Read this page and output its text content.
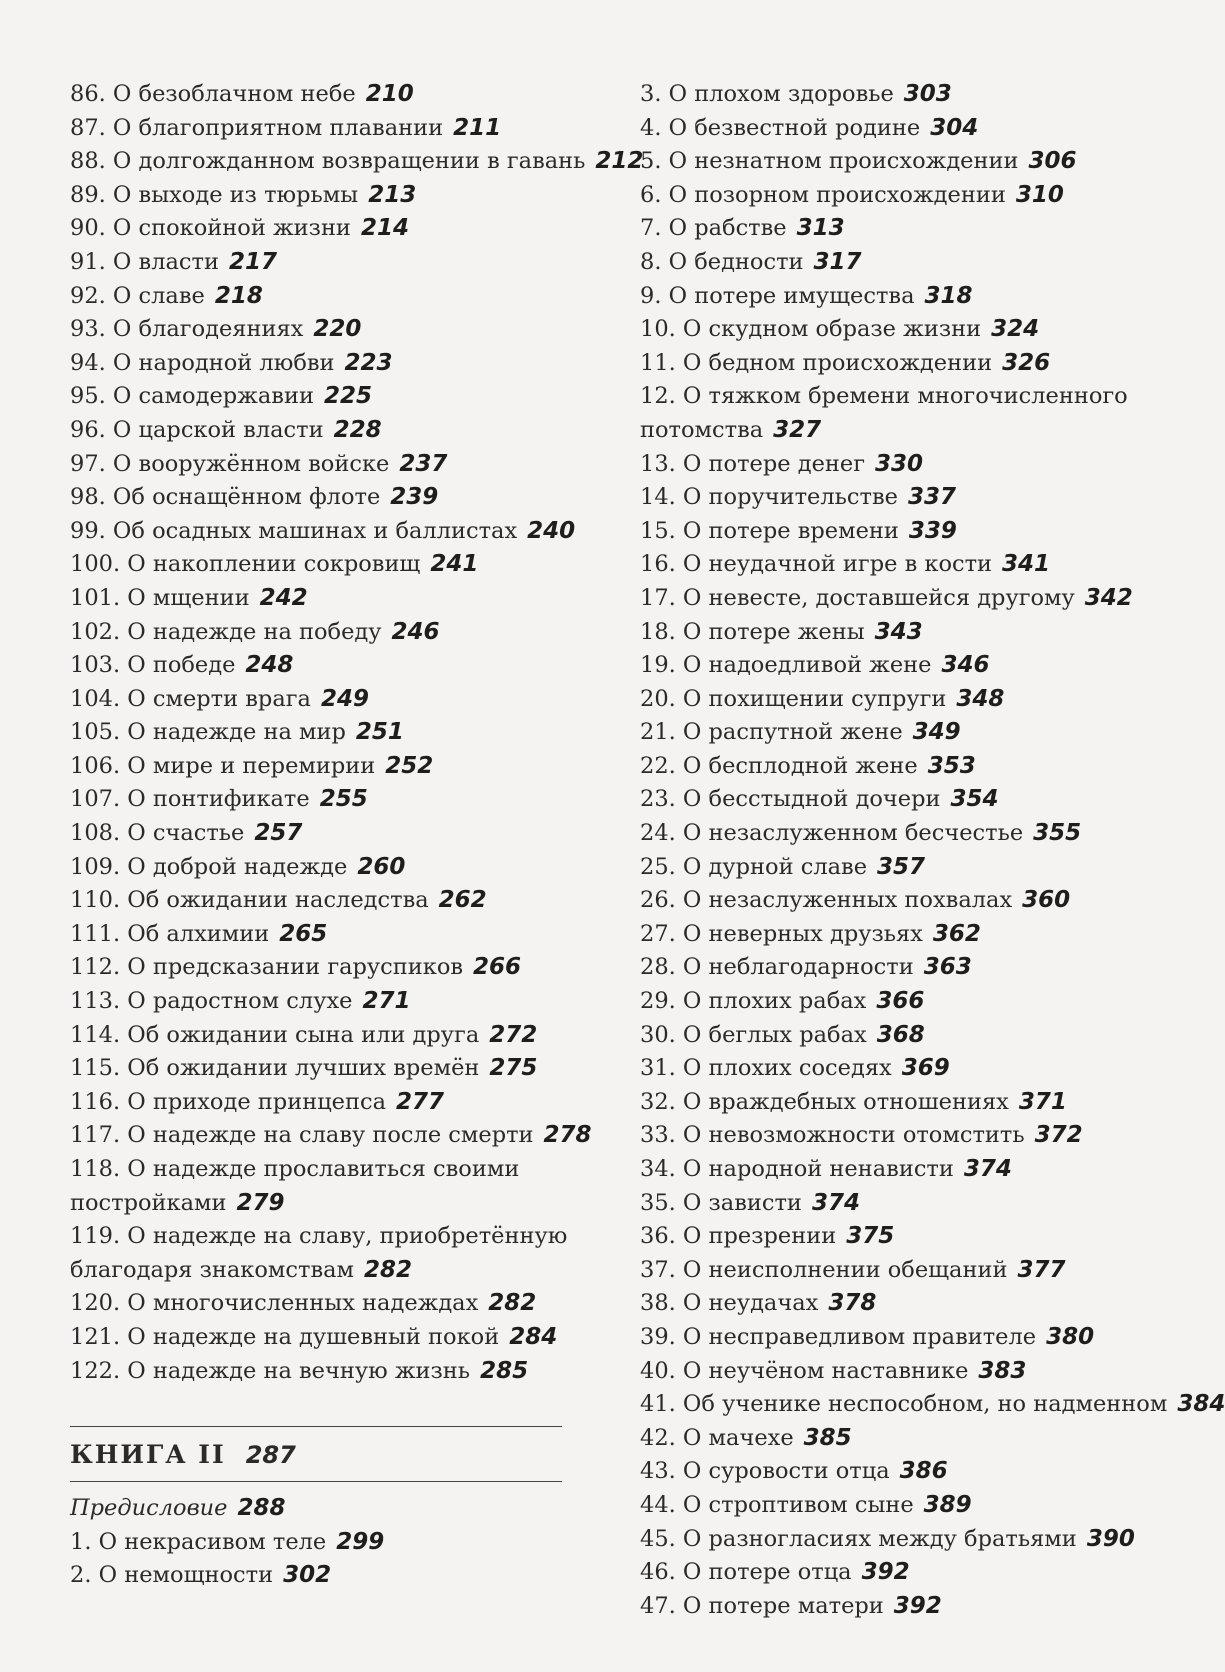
86. О безоблачном небе 210
87. О благоприятном плавании 211
88. О долгожданном возвращении в гавань 212
89. О выходе из тюрьмы 213
90. О спокойной жизни 214
91. О власти 217
92. О славе 218
93. О благодеяниях 220
94. О народной любви 223
95. О самодержавии 225
96. О царской власти 228
97. О вооружённом войске 237
98. Об оснащённом флоте 239
99. Об осадных машинах и баллистах 240
100. О накоплении сокровищ 241
101. О мщении 242
102. О надежде на победу 246
103. О победе 248
104. О смерти врага 249
105. О надежде на мир 251
106. О мире и перемирии 252
107. О понтификате 255
108. О счастье 257
109. О доброй надежде 260
110. Об ожидании наследства 262
111. Об алхимии 265
112. О предсказании гаруспиков 266
113. О радостном слухе 271
114. Об ожидании сына или друга 272
115. Об ожидании лучших времён 275
116. О приходе принцепса 277
117. О надежде на славу после смерти 278
118. О надежде прославиться своими
постройками 279
119. О надежде на славу, приобретённую
благодаря знакомствам 282
120. О многочисленных надеждах 282
121. О надежде на душевный покой 284
122. О надежде на вечную жизнь 285
КНИГА II 287
Предисловие 288
1. О некрасивом теле 299
2. О немощности 302
3. О плохом здоровье 303
4. О безвестной родине 304
5. О незнатном происхождении 306
6. О позорном происхождении 310
7. О рабстве 313
8. О бедности 317
9. О потере имущества 318
10. О скудном образе жизни 324
11. О бедном происхождении 326
12. О тяжком бремени многочисленного
потомства 327
13. О потере денег 330
14. О поручительстве 337
15. О потере времени 339
16. О неудачной игре в кости 341
17. О невесте, доставшейся другому 342
18. О потере жены 343
19. О надоедливой жене 346
20. О похищении супруги 348
21. О распутной жене 349
22. О бесплодной жене 353
23. О бесстыдной дочери 354
24. О незаслуженном бесчестье 355
25. О дурной славе 357
26. О незаслуженных похвалах 360
27. О неверных друзьях 362
28. О неблагодарности 363
29. О плохих рабах 366
30. О беглых рабах 368
31. О плохих соседях 369
32. О враждебных отношениях 371
33. О невозможности отомстить 372
34. О народной ненависти 374
35. О зависти 374
36. О презрении 375
37. О неисполнении обещаний 377
38. О неудачах 378
39. О несправедливом правителе 380
40. О неучёном наставнике 383
41. Об ученике неспособном, но надменном 384
42. О мачехе 385
43. О суровости отца 386
44. О строптивом сыне 389
45. О разногласиях между братьями 390
46. О потере отца 392
47. О потере матери 392
